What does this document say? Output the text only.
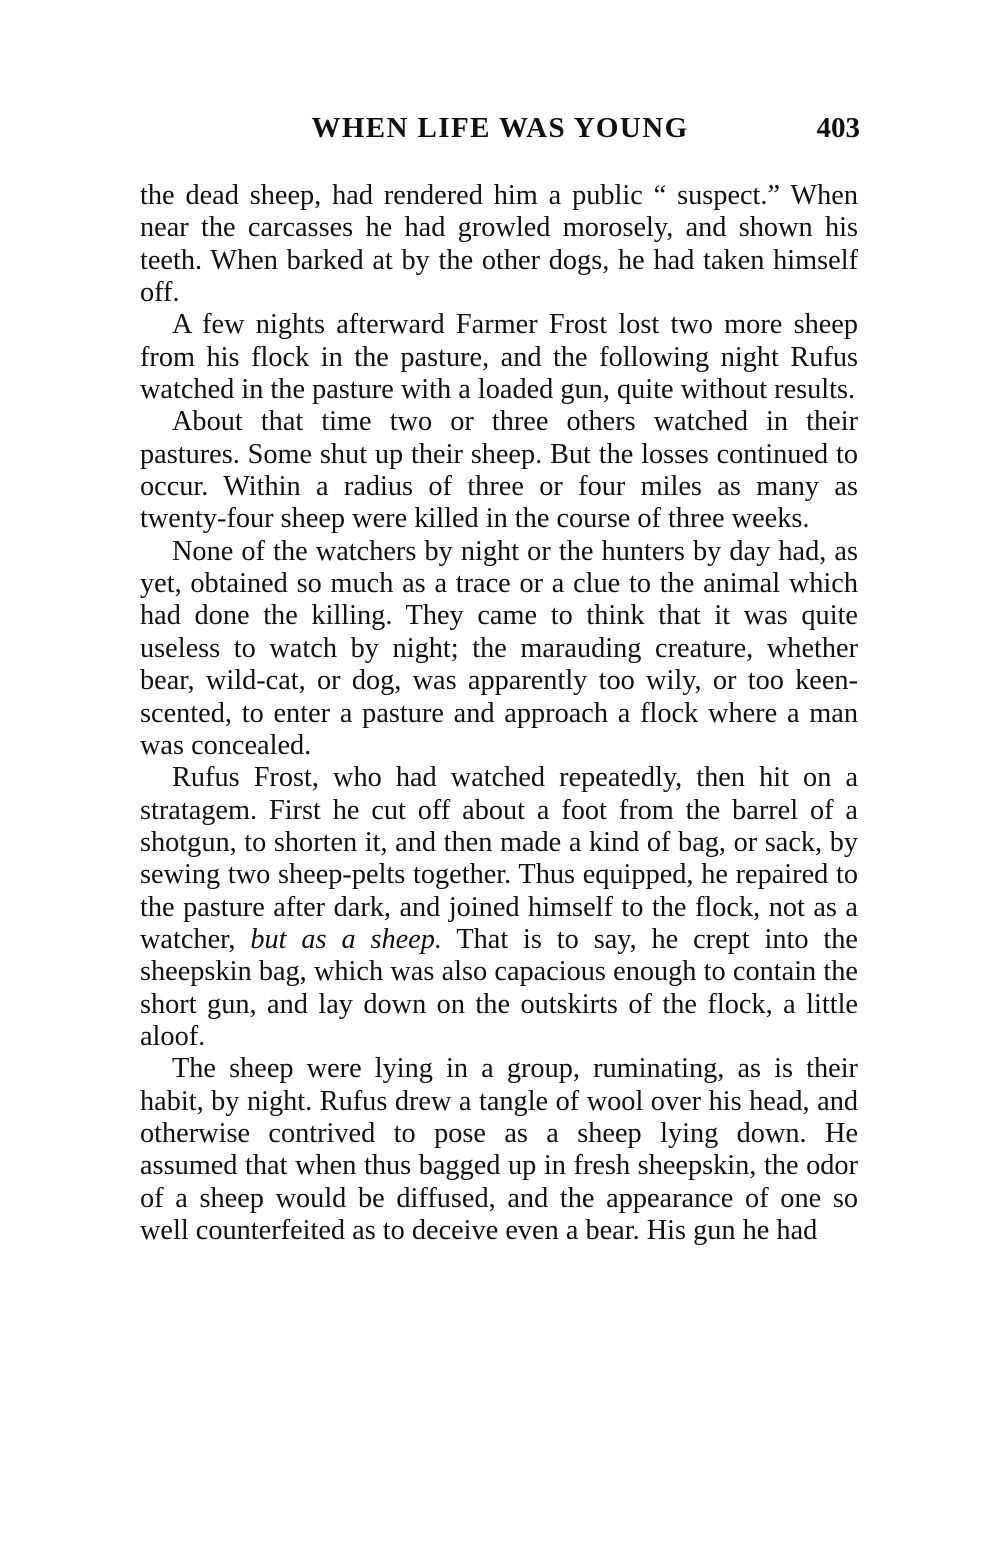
WHEN LIFE WAS YOUNG	403

the dead sheep, had rendered him a public “ suspect.” When near the carcasses he had growled morosely, and shown his teeth. When barked at by the other dogs, he had taken himself off.

A few nights afterward Farmer Frost lost two more sheep from his flock in the pasture, and the following night Rufus watched in the pasture with a loaded gun, quite without results.

About that time two or three others watched in their pastures. Some shut up their sheep. But the losses continued to occur. Within a radius of three or four miles as many as twenty-four sheep were killed in the course of three weeks.

None of the watchers by night or the hunters by day had, as yet, obtained so much as a trace or a clue to the animal which had done the killing. They came to think that it was quite useless to watch by night; the marauding creature, whether bear, wild-cat, or dog, was apparently too wily, or too keen-scented, to enter a pasture and approach a flock where a man was concealed.

Rufus Frost, who had watched repeatedly, then hit on a stratagem. First he cut off about a foot from the barrel of a shotgun, to shorten it, and then made a kind of bag, or sack, by sewing two sheep-pelts together. Thus equipped, he repaired to the pasture after dark, and joined himself to the flock, not as a watcher, but as a sheep. That is to say, he crept into the sheepskin bag, which was also capacious enough to contain the short gun, and lay down on the outskirts of the flock, a little aloof.

The sheep were lying in a group, ruminating, as is their habit, by night. Rufus drew a tangle of wool over his head, and otherwise contrived to pose as a sheep lying down. He assumed that when thus bagged up in fresh sheepskin, the odor of a sheep would be diffused, and the appearance of one so well counterfeited as to deceive even a bear. His gun he had
